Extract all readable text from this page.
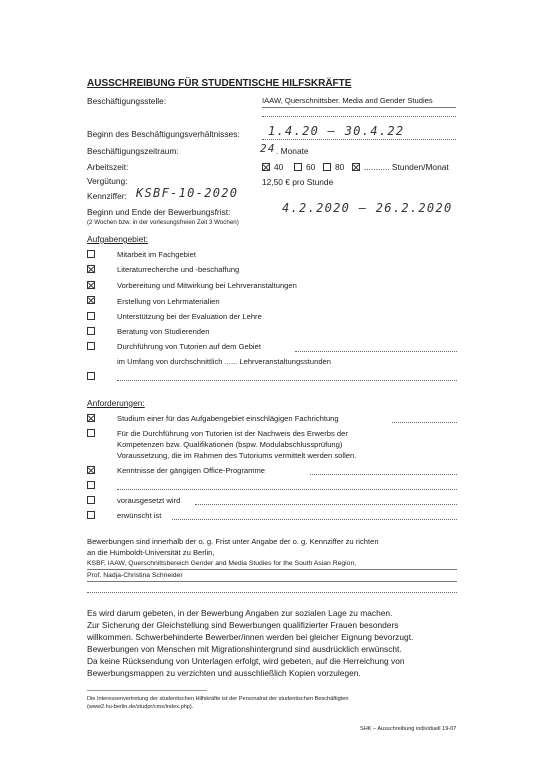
AUSSCHREIBUNG FÜR STUDENTISCHE HILFSKRÄFTE
Beschäftigungsstelle:	IAAW, Querschnittsber. Media and Gender Studies
Beginn des Beschäftigungsverhältnisses: 1.4.20 – 30.4.22
Beschäftigungszeitraum:	24 . Monate
Arbeitszeit:	40	60 80 ........... Stunden/Monat
Vergütung:	12,50 € pro Stunde
Kennziffer: KSBF-10-2020
Beginn und Ende der Bewerbungsfrist:
(2 Wochen bzw. in der vorlesungsfreien Zeit 3 Wochen)
4.2.2020 – 26.2.2020
Aufgabengebiet:
Mitarbeit im Fachgebiet
Literaturrecherche und -beschaffung
Vorbereitung und Mitwirkung bei Lehrveranstaltungen
Erstellung von Lehrmaterialien
Unterstützung bei der Evaluation der Lehre
Beratung von Studierenden
Durchführung von Tutorien auf dem Gebiet
im Umfang von durchschnittlich ...... Lehrveranstaltungsstunden
Anforderungen:
Studium einer für das Aufgabengebiet einschlägigen Fachrichtung
Für die Durchführung von Tutorien ist der Nachweis des Erwerbs der
Kompetenzen bzw. Qualifikationen (bspw. Modulabschlussprüfung)
Voraussetzung, die im Rahmen des Tutoriums vermittelt werden sollen.
Kenntnisse der gängigen Office-Programme
vorausgesetzt wird
erwünscht ist
Bewerbungen sind innerhalb der o. g. Frist unter Angabe der o. g. Kennziffer zu richten
an die Humboldt-Universität zu Berlin,
KSBF, IAAW, Querschnittsbereich Gender and Media Studies for the South Asian Region,
Prof. Nadja-Christina Schneider
Es wird darum gebeten, in der Bewerbung Angaben zur sozialen Lage zu machen.
Zur Sicherung der Gleichstellung sind Bewerbungen qualifizierter Frauen besonders
willkommen. Schwerbehinderte Bewerber/innen werden bei gleicher Eignung bevorzugt.
Bewerbungen von Menschen mit Migrationshintergrund sind ausdrücklich erwünscht.
Da keine Rücksendung von Unterlagen erfolgt, wird gebeten, auf die Herreichung von
Bewerbungsmappen zu verzichten und ausschließlich Kopien vorzulegen.
Die Interessenvertretung der studentischen Hilfskräfte ist der Personalrat der studentischen Beschäftigten
(www2.hu-berlin.de/studpr/cms/index.php).
SHK – Ausschreibung individuell 19-07
